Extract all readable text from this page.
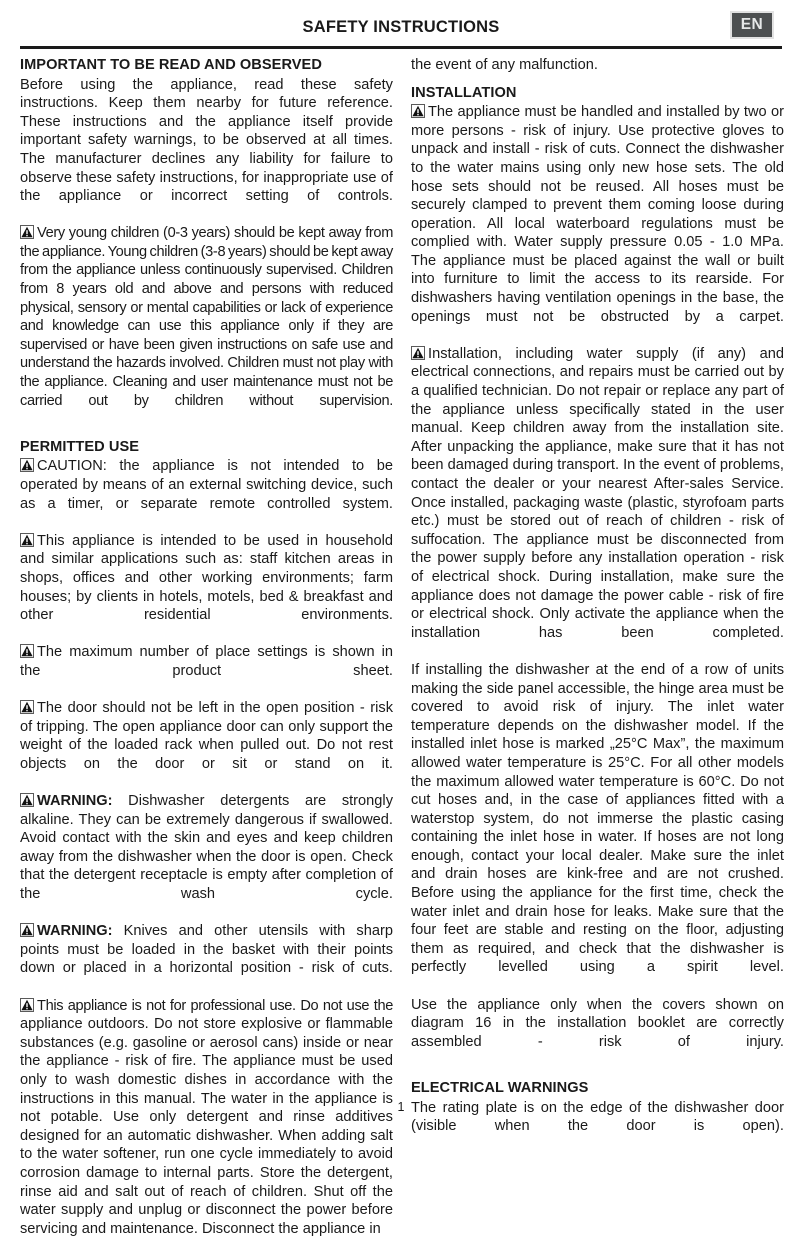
SAFETY INSTRUCTIONS	EN
IMPORTANT TO BE READ AND OBSERVED

Before using the appliance, read these safety instructions. Keep them nearby for future reference. These instructions and the appliance itself provide important safety warnings, to be observed at all times. The manufacturer declines any liability for failure to observe these safety instructions, for inappropriate use of the appliance or incorrect setting of controls.

Very young children (0-3 years) should be kept away from the appliance. Young children (3-8 years) should be kept away from the appliance unless continuously supervised. Children from 8 years old and above and persons with reduced physical, sensory or mental capabilities or lack of experience and knowledge can use this appliance only if they are supervised or have been given instructions on safe use and understand the hazards involved. Children must not play with the appliance. Cleaning and user maintenance must not be carried out by children without supervision.

PERMITTED USE

CAUTION: the appliance is not intended to be operated by means of an external switching device, such as a timer, or separate remote controlled system.

This appliance is intended to be used in household and similar applications such as: staff kitchen areas in shops, offices and other working environments; farm houses; by clients in hotels, motels, bed & breakfast and other residential environments.

The maximum number of place settings is shown in the product sheet.

The door should not be left in the open position - risk of tripping. The open appliance door can only support the weight of the loaded rack when pulled out. Do not rest objects on the door or sit or stand on it.

WARNING: Dishwasher detergents are strongly alkaline. They can be extremely dangerous if swallowed. Avoid contact with the skin and eyes and keep children away from the dishwasher when the door is open. Check that the detergent receptacle is empty after completion of the wash cycle.

WARNING: Knives and other utensils with sharp points must be loaded in the basket with their points down or placed in a horizontal position - risk of cuts.

This appliance is not for professional use. Do not use the appliance outdoors. Do not store explosive or flammable substances (e.g. gasoline or aerosol cans) inside or near the appliance - risk of fire. The appliance must be used only to wash domestic dishes in accordance with the instructions in this manual. The water in the appliance is not potable. Use only detergent and rinse additives designed for an automatic dishwasher. When adding salt to the water softener, run one cycle immediately to avoid corrosion damage to internal parts. Store the detergent, rinse aid and salt out of reach of children. Shut off the water supply and unplug or disconnect the power before servicing and maintenance. Disconnect the appliance in

the event of any malfunction.

INSTALLATION

The appliance must be handled and installed by two or more persons - risk of injury. Use protective gloves to unpack and install - risk of cuts. Connect the dishwasher to the water mains using only new hose sets. The old hose sets should not be reused. All hoses must be securely clamped to prevent them coming loose during operation. All local waterboard regulations must be complied with. Water supply pressure 0.05 - 1.0 MPa. The appliance must be placed against the wall or built into furniture to limit the access to its rearside. For dishwashers having ventilation openings in the base, the openings must not be obstructed by a carpet.

Installation, including water supply (if any) and electrical connections, and repairs must be carried out by a qualified technician. Do not repair or replace any part of the appliance unless specifically stated in the user manual. Keep children away from the installation site. After unpacking the appliance, make sure that it has not been damaged during transport. In the event of problems, contact the dealer or your nearest After-sales Service. Once installed, packaging waste (plastic, styrofoam parts etc.) must be stored out of reach of children - risk of suffocation. The appliance must be disconnected from the power supply before any installation operation - risk of electrical shock. During installation, make sure the appliance does not damage the power cable - risk of fire or electrical shock. Only activate the appliance when the installation has been completed.

If installing the dishwasher at the end of a row of units making the side panel accessible, the hinge area must be covered to avoid risk of injury. The inlet water temperature depends on the dishwasher model. If the installed inlet hose is marked „25°C Max”, the maximum allowed water temperature is 25°C. For all other models the maximum allowed water temperature is 60°C. Do not cut hoses and, in the case of appliances fitted with a waterstop system, do not immerse the plastic casing containing the inlet hose in water. If hoses are not long enough, contact your local dealer. Make sure the inlet and drain hoses are kink-free and are not crushed. Before using the appliance for the first time, check the water inlet and drain hose for leaks. Make sure that the four feet are stable and resting on the floor, adjusting them as required, and check that the dishwasher is perfectly levelled using a spirit level.

Use the appliance only when the covers shown on diagram 16 in the installation booklet are correctly assembled - risk of injury.

ELECTRICAL WARNINGS

The rating plate is on the edge of the dishwasher door (visible when the door is open).

1
